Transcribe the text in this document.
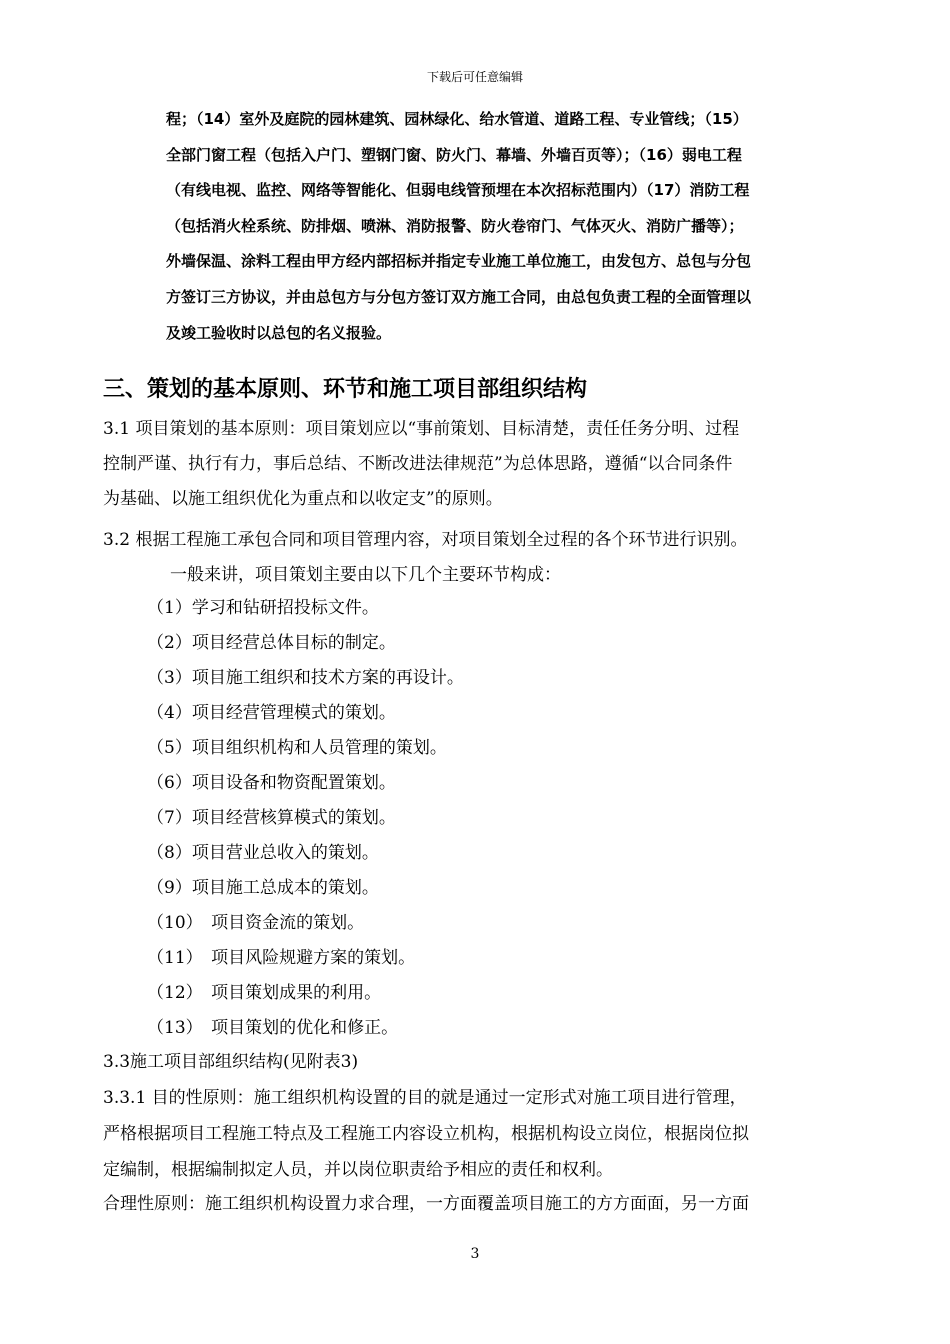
下载后可任意编辑
程；（14）室外及庭院的园林建筑、园林绿化、给水管道、道路工程、专业管线；（15）
全部门窗工程（包括入户门、塑钢门窗、防火门、幕墙、外墙百页等）；（16）弱电工程
（有线电视、监控、网络等智能化、但弱电线管预埋在本次招标范围内）（17）消防工程
（包括消火栓系统、防排烟、喷淋、消防报警、防火卷帘门、气体灭火、消防广播等）；
外墙保温、涂料工程由甲方经内部招标并指定专业施工单位施工，由发包方、总包与分包
方签订三方协议，并由总包方与分包方签订双方施工合同，由总包负责工程的全面管理以
及竣工验收时以总包的名义报验。
三、策划的基本原则、环节和施工项目部组织结构
3.1 项目策划的基本原则：项目策划应以“事前策划、目标清楚，责任任务分明、过程
控制严谨、执行有力，事后总结、不断改进法律规范”为总体思路，遵循“以合同条件
为基础、以施工组织优化为重点和以收定支”的原则。
3.2 根据工程施工承包合同和项目管理内容，对项目策划全过程的各个环节进行识别。
一般来讲，项目策划主要由以下几个主要环节构成：
（1）学习和钻研招投标文件。
（2）项目经营总体目标的制定。
（3）项目施工组织和技术方案的再设计。
（4）项目经营管理模式的策划。
（5）项目组织机构和人员管理的策划。
（6）项目设备和物资配置策划。
（7）项目经营核算模式的策划。
（8）项目营业总收入的策划。
（9）项目施工总成本的策划。
（10）　项目资金流的策划。
（11）　项目风险规避方案的策划。
（12）　项目策划成果的利用。
（13）　项目策划的优化和修正。
3.3施工项目部组织结构(见附表3)
3.3.1 目的性原则：施工组织机构设置的目的就是通过一定形式对施工项目进行管理，
严格根据项目工程施工特点及工程施工内容设立机构，根据机构设立岗位，根据岗位拟
定编制，根据编制拟定人员，并以岗位职责给予相应的责任和权利。
合理性原则：施工组织机构设置力求合理，一方面覆盖项目施工的方方面面，另一方面
3
